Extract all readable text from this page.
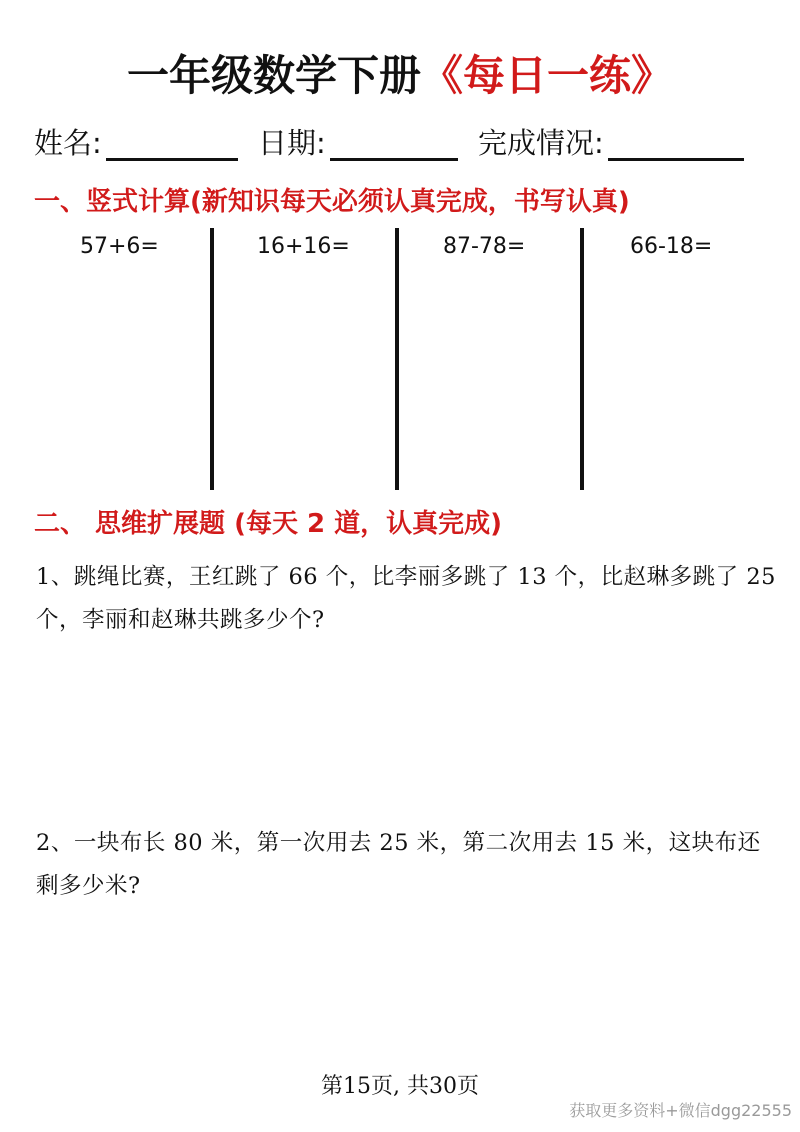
一年级数学下册《每日一练》
姓名:	日期:	完成情况:
一、竖式计算(新知识每天必须认真完成，书写认真)
57+6=	16+16=	87-78=	66-18=
二、 思维扩展题 (每天 2 道，认真完成)
1、跳绳比赛，王红跳了 66 个，比李丽多跳了 13 个，比赵琳多跳了 25 个，李丽和赵琳共跳多少个?
2、一块布长 80 米，第一次用去 25 米，第二次用去 15 米，这块布还剩多少米?
第15页, 共30页
获取更多资料+微信dgg22555
